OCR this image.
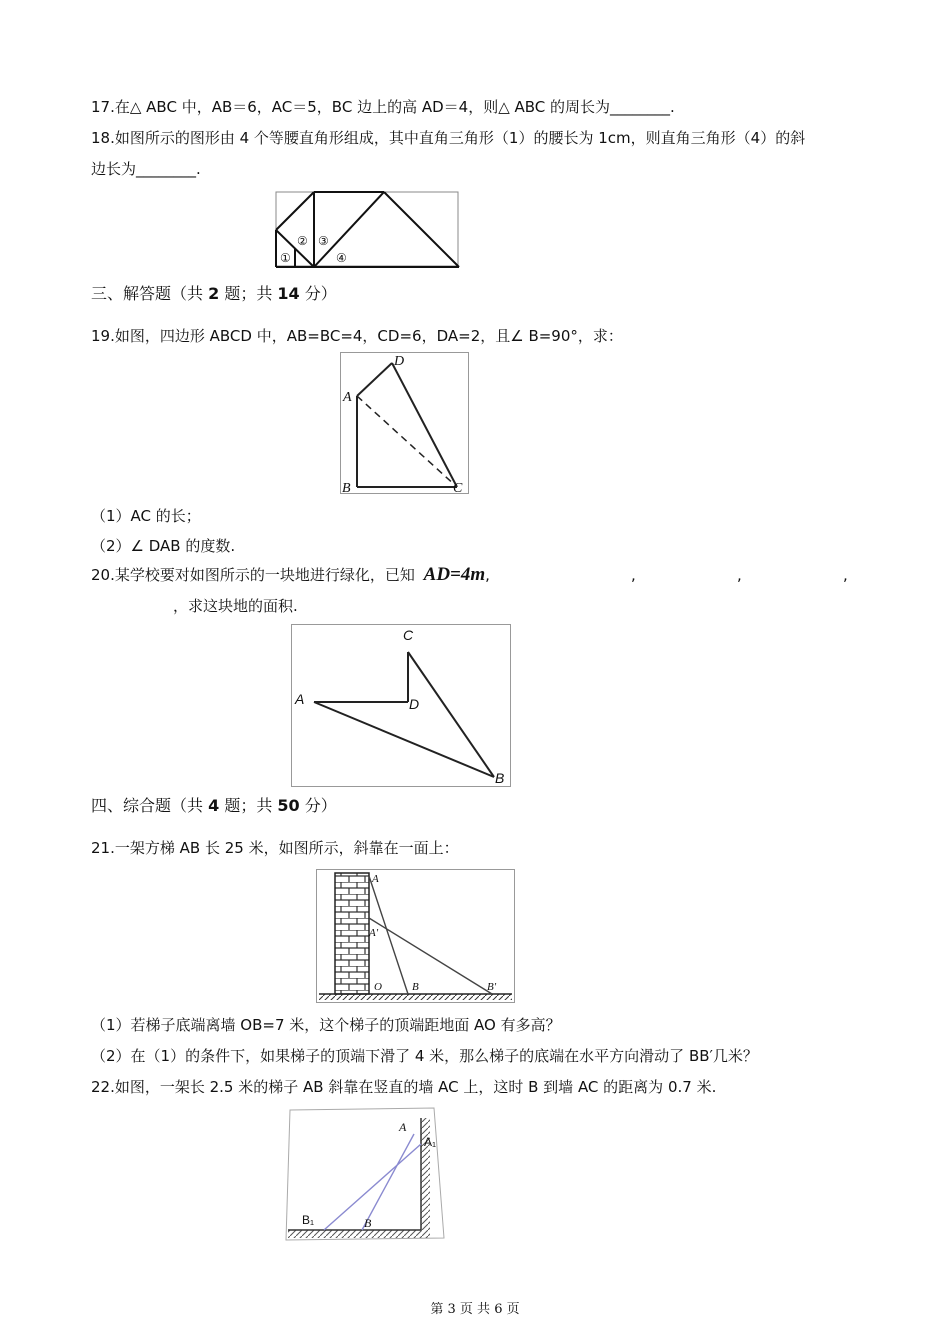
17.在△ ABC 中，AB＝6，AC＝5，BC 边上的高 AD＝4，则△ ABC 的周长为________.
18.如图所示的图形由 4 个等腰直角形组成，其中直角三角形（1）的腰长为 1cm，则直角三角形（4）的斜
边长为________.
①
② ③
④
三、解答题（共 2 题；共 14 分）
19.如图，四边形 ABCD 中，AB=BC=4，CD=6，DA=2，且∠ B=90°，求：
A
B	C
D
（1）AC 的长；
（2）∠ DAB 的度数.
20.某学校要对如图所示的一块地进行绿化，已知 AD=4m,	,	,	,
，求这块地的面积.
A
B
C
D
四、综合题（共 4 题；共 50 分）
21.一架方梯 AB 长 25 米，如图所示，斜靠在一面上：
A
A'
O	B	B'
（1）若梯子底端离墙 OB=7 米，这个梯子的顶端距地面 AO 有多高？
（2）在（1）的条件下，如果梯子的顶端下滑了 4 米，那么梯子的底端在水平方向滑动了 BB′几米？
22.如图，一架长 2.5 米的梯子 AB 斜靠在竖直的墙 AC 上，这时 B 到墙 AC 的距离为 0.7 米.
A
A₁
B₁	B
第 3 页 共 6 页
